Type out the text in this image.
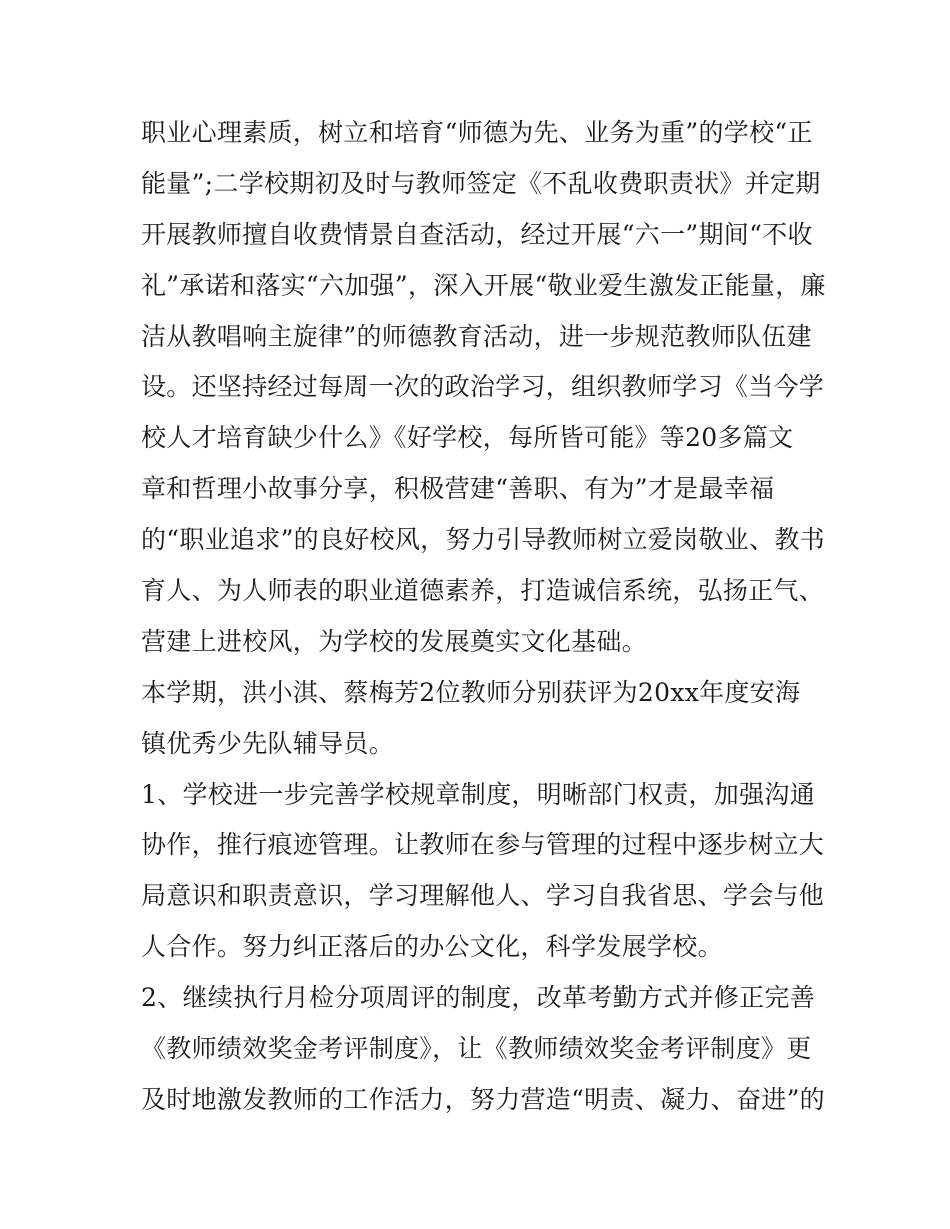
职业心理素质，树立和培育“师德为先、业务为重”的学校“正
能量”;二学校期初及时与教师签定《不乱收费职责状》并定期
开展教师擅自收费情景自查活动，经过开展“六一”期间“不收
礼”承诺和落实“六加强”，深入开展“敬业爱生激发正能量，廉
洁从教唱响主旋律”的师德教育活动，进一步规范教师队伍建
设。还坚持经过每周一次的政治学习，组织教师学习《当今学
校人才培育缺少什么》《好学校，每所皆可能》等20多篇文
章和哲理小故事分享，积极营建“善职、有为”才是最幸福
的“职业追求”的良好校风，努力引导教师树立爱岗敬业、教书
育人、为人师表的职业道德素养，打造诚信系统，弘扬正气、
营建上进校风，为学校的发展奠实文化基础。
本学期，洪小淇、蔡梅芳2位教师分别获评为20xx年度安海
镇优秀少先队辅导员。
1、学校进一步完善学校规章制度，明晰部门权责，加强沟通
协作，推行痕迹管理。让教师在参与管理的过程中逐步树立大
局意识和职责意识，学习理解他人、学习自我省思、学会与他
人合作。努力纠正落后的办公文化，科学发展学校。
2、继续执行月检分项周评的制度，改革考勤方式并修正完善
《教师绩效奖金考评制度》，让《教师绩效奖金考评制度》更
及时地激发教师的工作活力，努力营造“明责、凝力、奋进”的
